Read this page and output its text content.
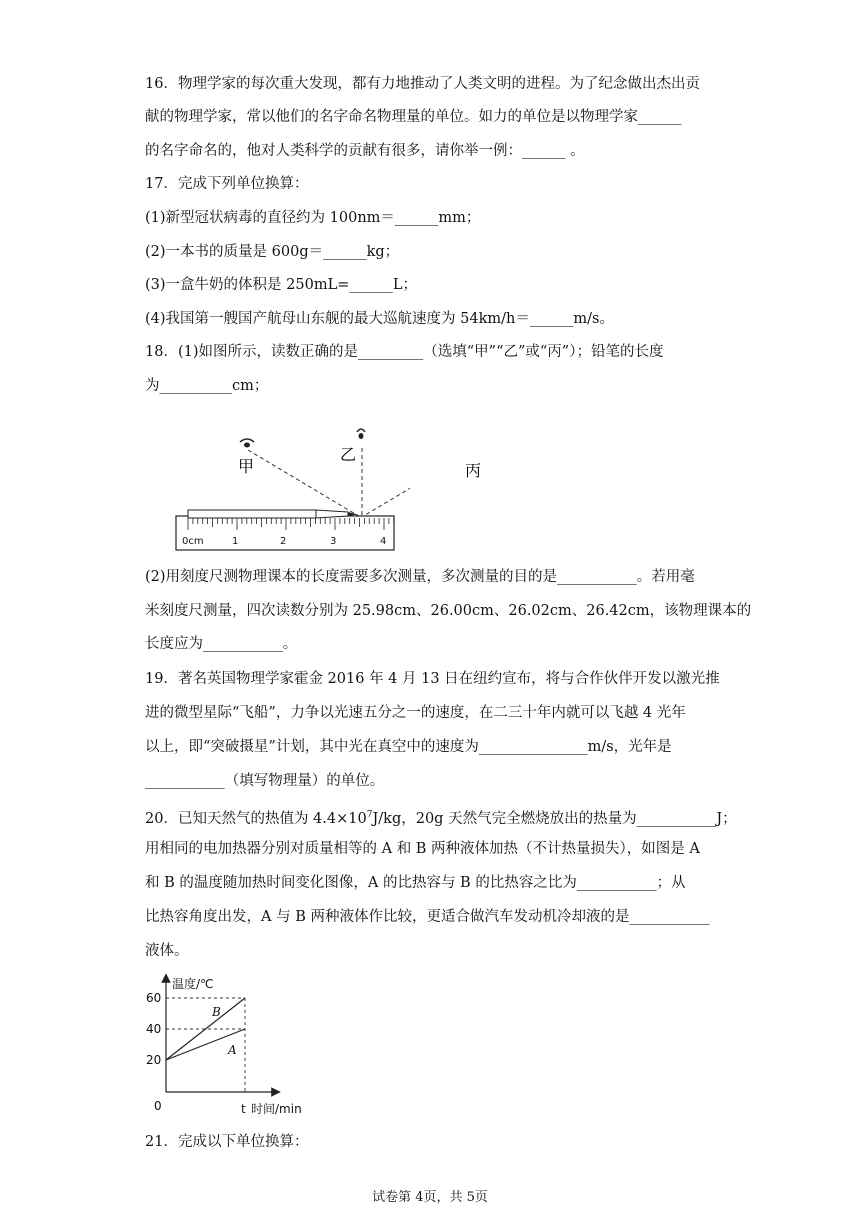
16．物理学家的每次重大发现，都有力地推动了人类文明的进程。为了纪念做出杰出贡
献的物理学家，常以他们的名字命名物理量的单位。如力的单位是以物理学家______
的名字命名的，他对人类科学的贡献有很多，请你举一例：______ 。
17．完成下列单位换算：
(1)新型冠状病毒的直径约为 100nm＝______mm；
(2)一本书的质量是 600g＝______kg；
(3)一盒牛奶的体积是 250mL=______L；
(4)我国第一艘国产航母山东舰的最大巡航速度为 54km/h＝______m/s。
18．(1)如图所示，读数正确的是_________（选填“甲”“乙”或“丙”）；铅笔的长度
为__________cm；
甲
乙
0cm	1	2	3	4
丙
(2)用刻度尺测物理课本的长度需要多次测量，多次测量的目的是___________。若用毫
米刻度尺测量，四次读数分别为 25.98cm、26.00cm、26.02cm、26.42cm，该物理课本的
长度应为___________。
19．著名英国物理学家霍金 2016 年 4 月 13 日在纽约宣布，将与合作伙伴开发以激光推
进的微型星际“飞船”，力争以光速五分之一的速度，在二三十年内就可以飞越 4 光年
以上，即“突破摄星”计划，其中光在真空中的速度为_______________m/s，光年是
___________（填写物理量）的单位。
20．已知天然气的热值为 $4.4\times 10^7J/kg$，20g 天然气完全燃烧放出的热量为___________J；
用相同的电加热器分别对质量相等的 A 和 B 两种液体加热（不计热量损失），如图是 A
和 B 的温度随加热时间变化图像，A 的比热容与 B 的比热容之比为___________；从
比热容角度出发，A 与 B 两种液体作比较，更适合做汽车发动机冷却液的是___________
液体。
温度/℃
60
40
20
0	t 时间/min
B
A
21．完成以下单位换算：
试卷第 4页，共 5页
